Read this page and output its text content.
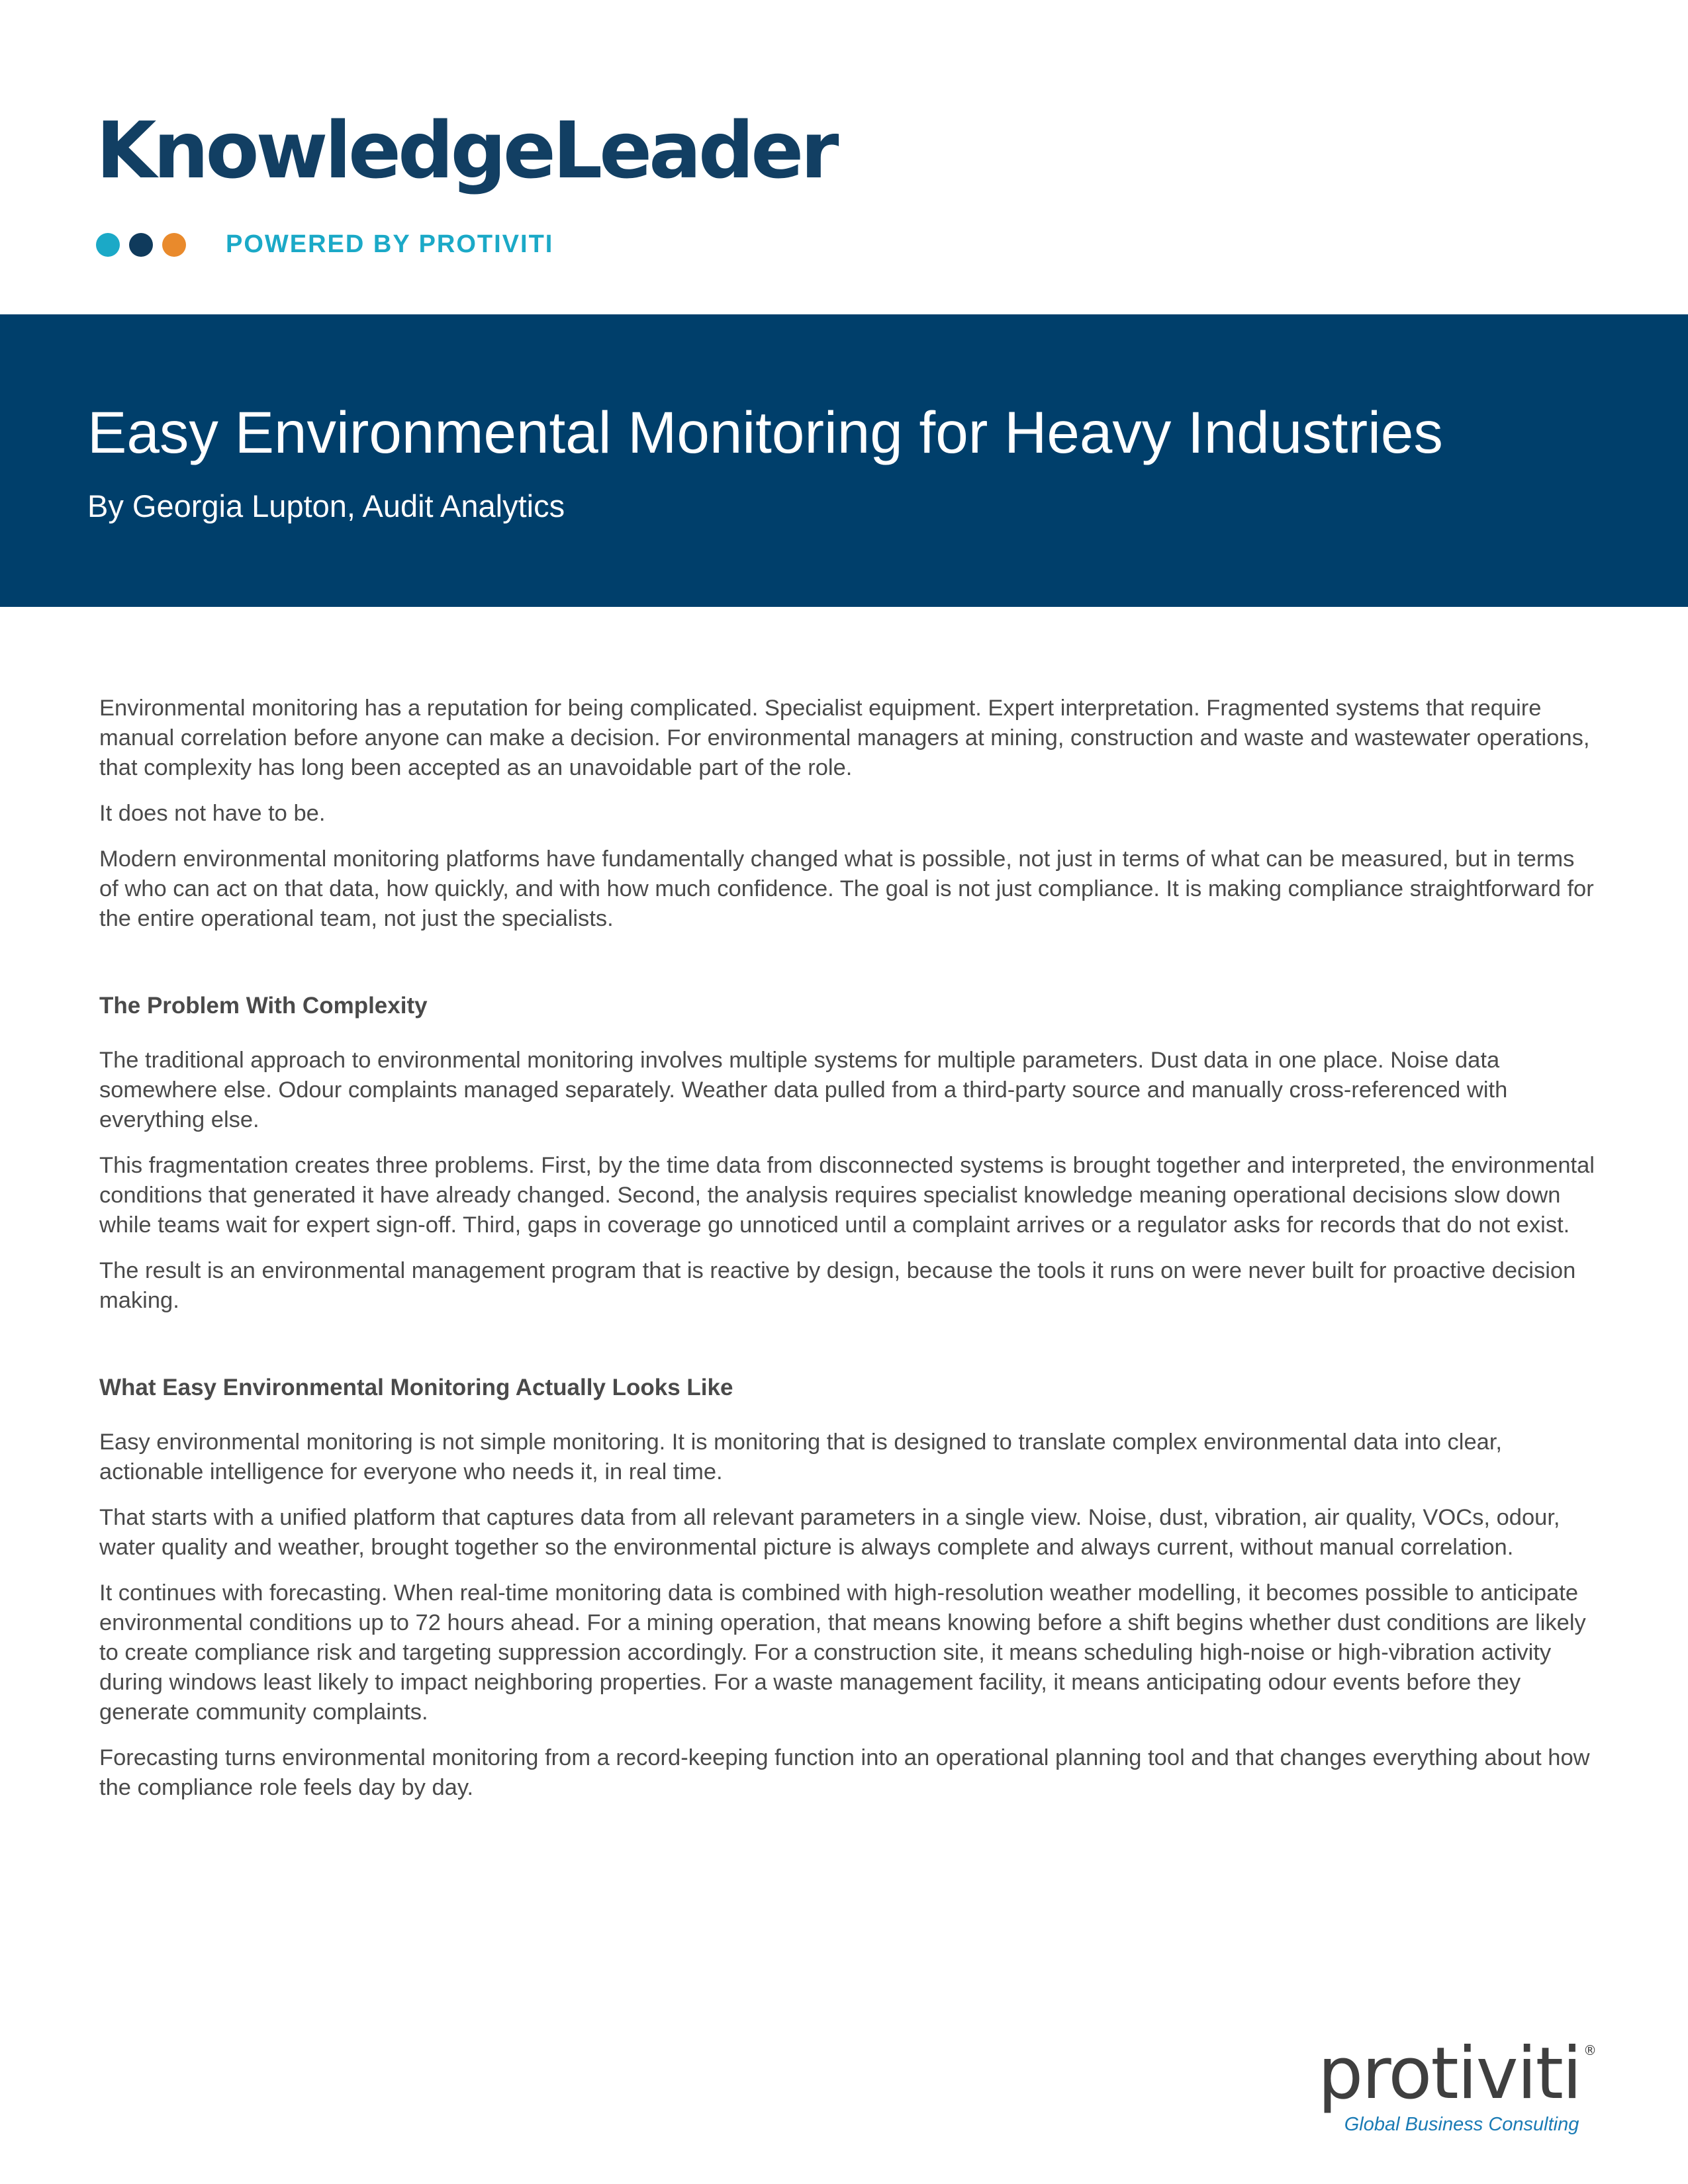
KnowledgeLeader
POWERED BY PROTIVITI
Easy Environmental Monitoring for Heavy Industries
By Georgia Lupton, Audit Analytics

Environmental monitoring has a reputation for being complicated. Specialist equipment. Expert interpretation. Fragmented systems that require manual correlation before anyone can make a decision. For environmental managers at mining, construction and waste and wastewater operations, that complexity has long been accepted as an unavoidable part of the role.

It does not have to be.

Modern environmental monitoring platforms have fundamentally changed what is possible, not just in terms of what can be measured, but in terms of who can act on that data, how quickly, and with how much confidence. The goal is not just compliance. It is making compliance straightforward for the entire operational team, not just the specialists.

The Problem With Complexity

The traditional approach to environmental monitoring involves multiple systems for multiple parameters. Dust data in one place. Noise data somewhere else. Odour complaints managed separately. Weather data pulled from a third-party source and manually cross-referenced with everything else.

This fragmentation creates three problems. First, by the time data from disconnected systems is brought together and interpreted, the environmental conditions that generated it have already changed. Second, the analysis requires specialist knowledge meaning operational decisions slow down while teams wait for expert sign-off. Third, gaps in coverage go unnoticed until a complaint arrives or a regulator asks for records that do not exist.

The result is an environmental management program that is reactive by design, because the tools it runs on were never built for proactive decision making.

What Easy Environmental Monitoring Actually Looks Like

Easy environmental monitoring is not simple monitoring. It is monitoring that is designed to translate complex environmental data into clear, actionable intelligence for everyone who needs it, in real time.

That starts with a unified platform that captures data from all relevant parameters in a single view. Noise, dust, vibration, air quality, VOCs, odour, water quality and weather, brought together so the environmental picture is always complete and always current, without manual correlation.

It continues with forecasting. When real-time monitoring data is combined with high-resolution weather modelling, it becomes possible to anticipate environmental conditions up to 72 hours ahead. For a mining operation, that means knowing before a shift begins whether dust conditions are likely to create compliance risk and targeting suppression accordingly. For a construction site, it means scheduling high-noise or high-vibration activity during windows least likely to impact neighboring properties. For a waste management facility, it means anticipating odour events before they generate community complaints.

Forecasting turns environmental monitoring from a record-keeping function into an operational planning tool and that changes everything about how the compliance role feels day by day.

protiviti ®
Global Business Consulting
